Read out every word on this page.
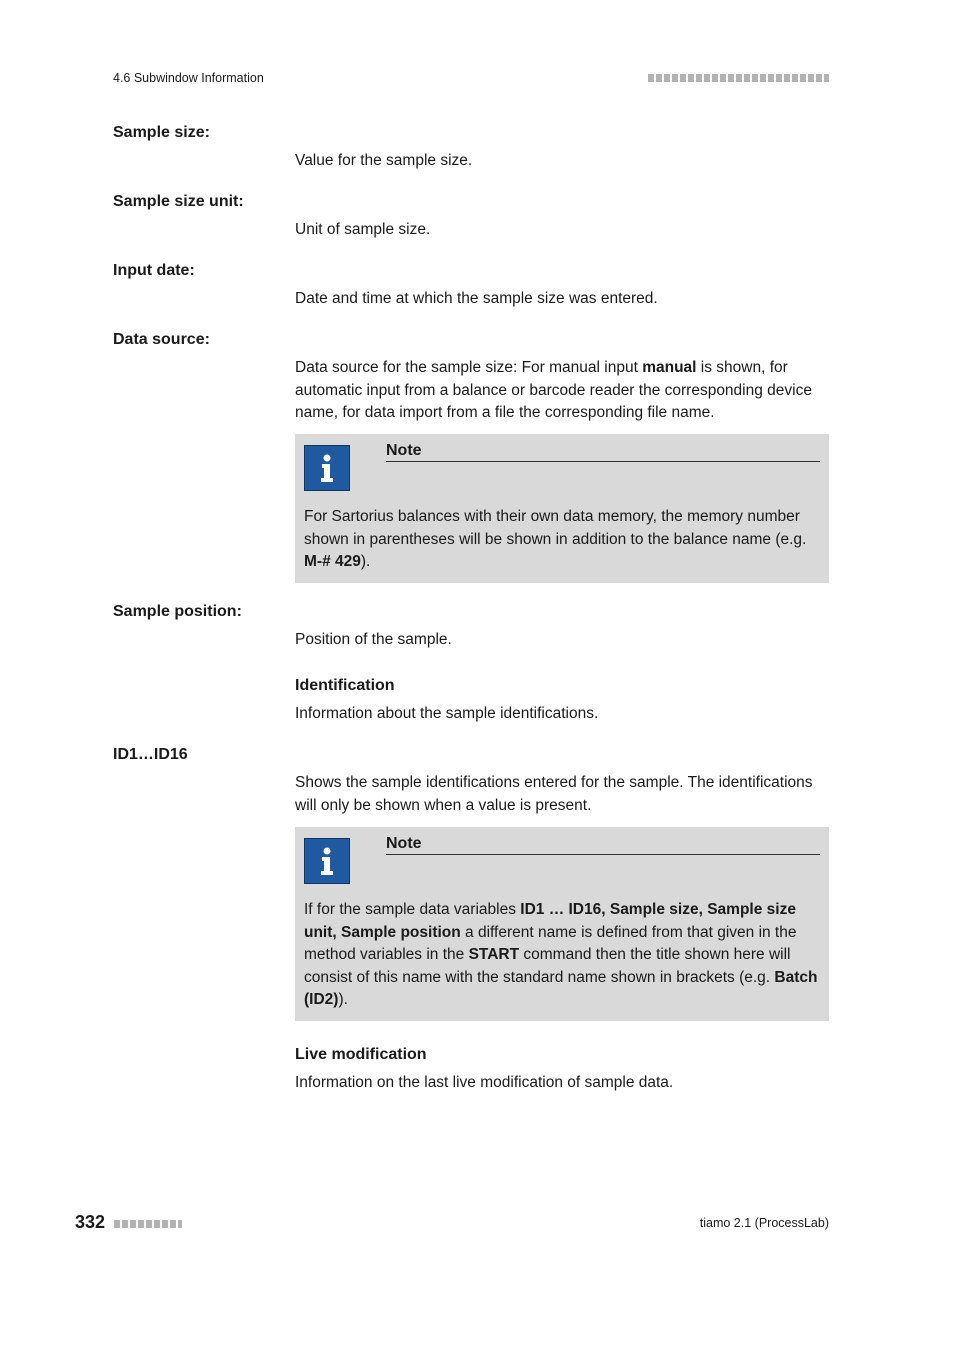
4.6 Subwindow Information
Sample size:
Value for the sample size.
Sample size unit:
Unit of sample size.
Input date:
Date and time at which the sample size was entered.
Data source:
Data source for the sample size: For manual input manual is shown, for automatic input from a balance or barcode reader the corresponding device name, for data import from a file the corresponding file name.
Note
For Sartorius balances with their own data memory, the memory number shown in parentheses will be shown in addition to the balance name (e.g. M-# 429).
Sample position:
Position of the sample.
Identification
Information about the sample identifications.
ID1…ID16
Shows the sample identifications entered for the sample. The identifications will only be shown when a value is present.
Note
If for the sample data variables ID1 … ID16, Sample size, Sample size unit, Sample position a different name is defined from that given in the method variables in the START command then the title shown here will consist of this name with the standard name shown in brackets (e.g. Batch (ID2)).
Live modification
Information on the last live modification of sample data.
332	tiamo 2.1 (ProcessLab)
